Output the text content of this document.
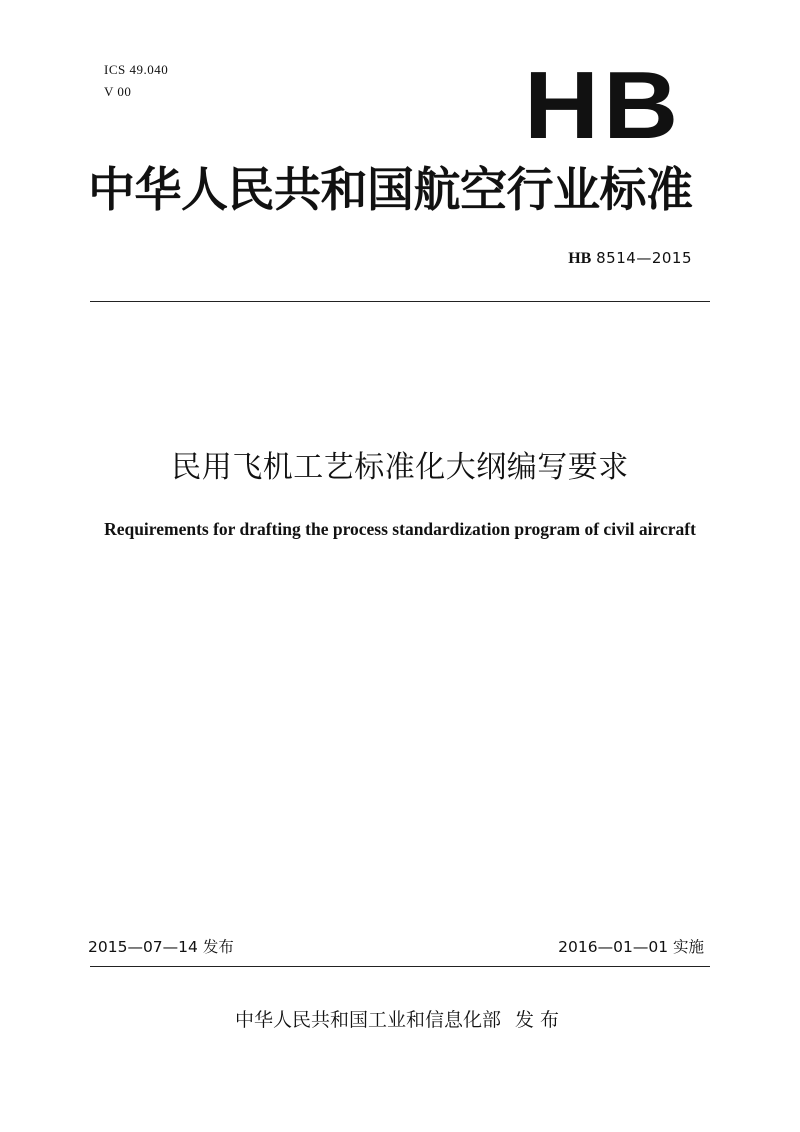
ICS 49.040
V 00	HB
中华人民共和国航空行业标准
HB 8514—2015
民用飞机工艺标准化大纲编写要求
Requirements for drafting the process standardization program of civil aircraft
2015—07—14 发布	2016—01—01 实施
中华人民共和国工业和信息化部 发布
